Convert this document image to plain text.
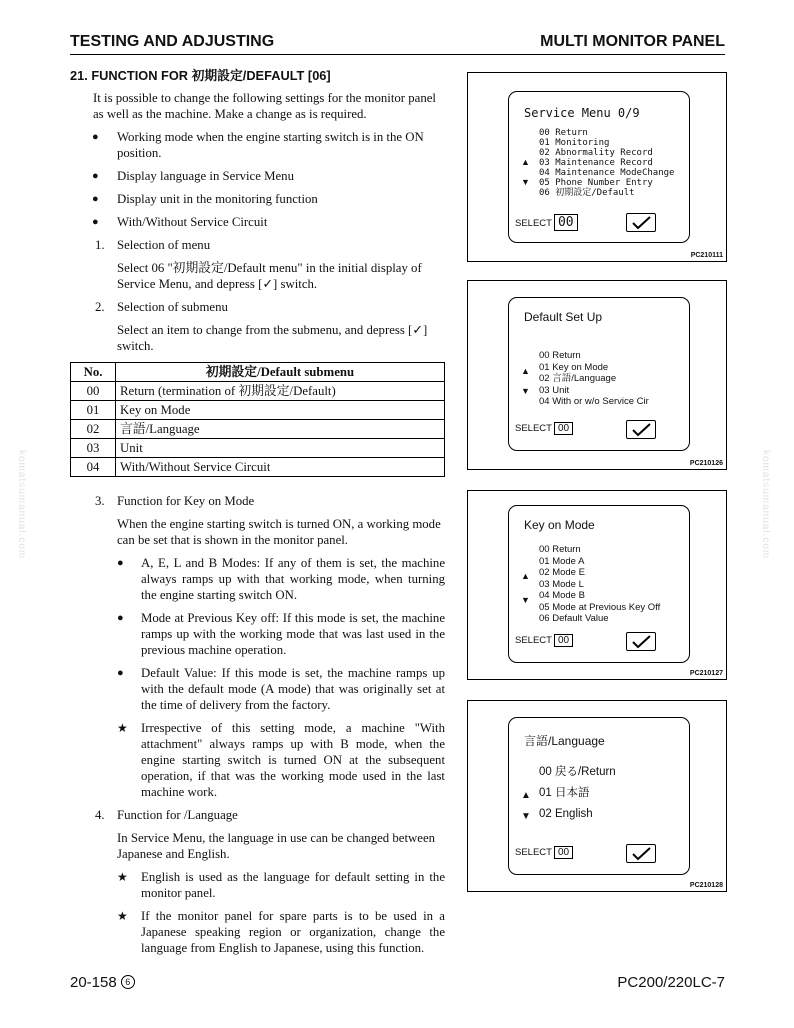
TESTING AND ADJUSTING	MULTI MONITOR PANEL
21. FUNCTION FOR 初期設定/DEFAULT [06]
It is possible to change the following settings for the monitor panel as well as the machine. Make a change as is required.
● Working mode when the engine starting switch is in the ON position.
● Display language in Service Menu
● Display unit in the monitoring function
● With/Without Service Circuit
1. Selection of menu
Select 06 "初期設定/Default menu" in the initial display of Service Menu, and depress [✓] switch.
2. Selection of submenu
Select an item to change from the submenu, and depress [✓] switch.
No.	初期設定/Default submenu
00	Return (termination of 初期設定/Default)
01	Key on Mode
02	言語/Language
03	Unit
04	With/Without Service Circuit
3. Function for Key on Mode
When the engine starting switch is turned ON, a working mode can be set that is shown in the monitor panel.
● A, E, L and B Modes: If any of them is set, the machine always ramps up with that working mode, when turning the engine starting switch ON.
● Mode at Previous Key off: If this mode is set, the machine ramps up with the working mode that was last used in the previous machine operation.
● Default Value: If this mode is set, the machine ramps up with the default mode (A mode) that was originally set at the time of delivery from the factory.
★ Irrespective of this setting mode, a machine "With attachment" always ramps up with B mode, when the engine starting switch is turned ON at the subsequent operation, if that was the working mode used in the last machine work.
4. Function for /Language
In Service Menu, the language in use can be changed between Japanese and English.
★ English is used as the language for default setting in the monitor panel.
★ If the monitor panel for spare parts is to be used in a Japanese speaking region or organization, change the language from English to Japanese, using this function.
Service Menu 0/9
00 Return
01 Monitoring
02 Abnormality Record
03 Maintenance Record
04 Maintenance ModeChange
05 Phone Number Entry
06 初期設定/Default
▲
▼
SELECT 00
PC210111
Default Set Up
00 Return
01 Key on Mode
02 言語/Language
03 Unit
04 With or w/o Service Cir
▲
▼
SELECT 00
PC210126
Key on Mode
00 Return
01 Mode A
02 Mode E
03 Mode L
04 Mode B
05 Mode at Previous Key Off
06 Default Value
▲
▼
SELECT 00
PC210127
言語/Language
00 戻る/Return
01 日本語
02 English
▲
▼
SELECT 00
PC210128
komatsumanual.com	komatsumanual.com
20-158 6	PC200/220LC-7
